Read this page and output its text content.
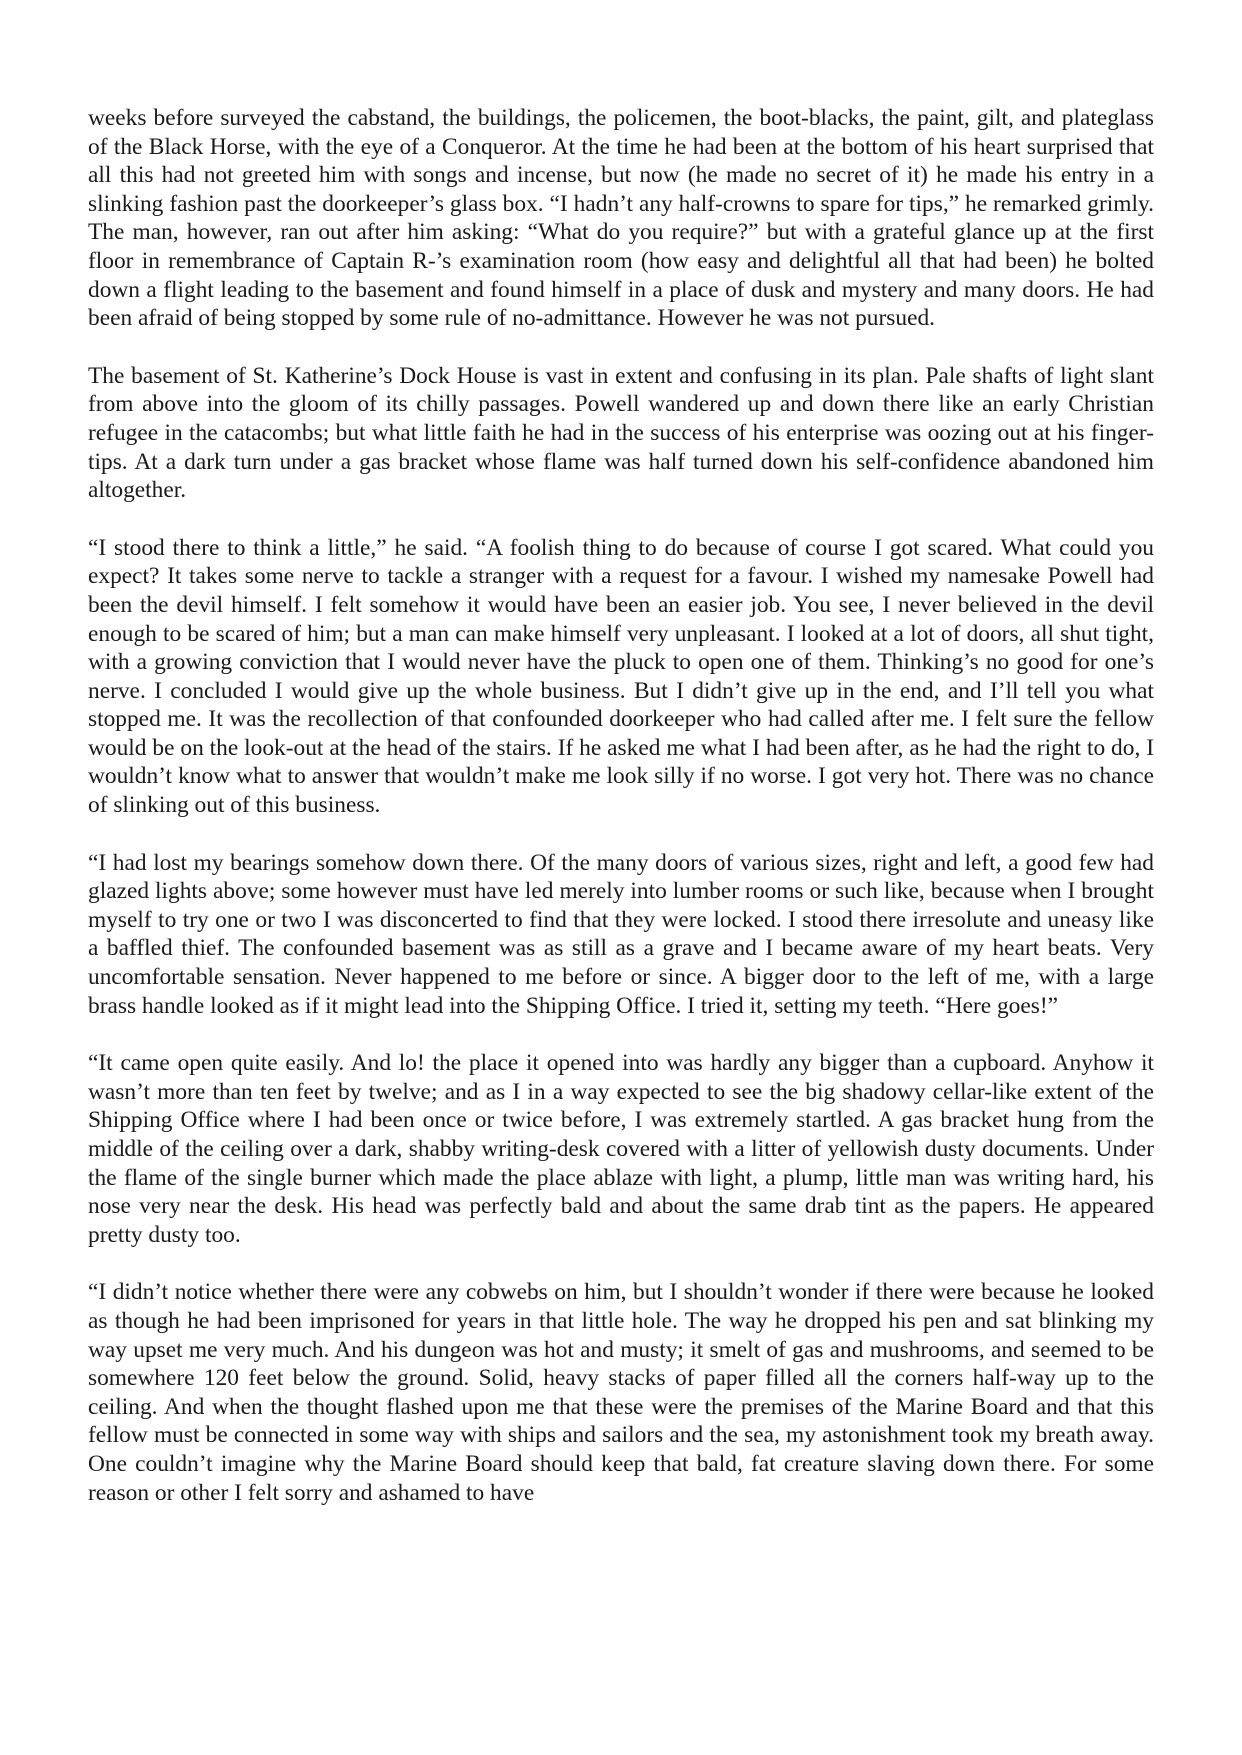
weeks before surveyed the cabstand, the buildings, the policemen, the boot-blacks, the paint, gilt, and plateglass of the Black Horse, with the eye of a Conqueror. At the time he had been at the bottom of his heart surprised that all this had not greeted him with songs and incense, but now (he made no secret of it) he made his entry in a slinking fashion past the doorkeeper’s glass box. “I hadn’t any half-crowns to spare for tips,” he remarked grimly. The man, however, ran out after him asking: “What do you require?” but with a grateful glance up at the first floor in remembrance of Captain R-’s examination room (how easy and delightful all that had been) he bolted down a flight leading to the basement and found himself in a place of dusk and mystery and many doors. He had been afraid of being stopped by some rule of no-admittance. However he was not pursued.

The basement of St. Katherine’s Dock House is vast in extent and confusing in its plan. Pale shafts of light slant from above into the gloom of its chilly passages. Powell wandered up and down there like an early Christian refugee in the catacombs; but what little faith he had in the success of his enterprise was oozing out at his finger-tips. At a dark turn under a gas bracket whose flame was half turned down his self-confidence abandoned him altogether.

“I stood there to think a little,” he said. “A foolish thing to do because of course I got scared. What could you expect? It takes some nerve to tackle a stranger with a request for a favour. I wished my namesake Powell had been the devil himself. I felt somehow it would have been an easier job. You see, I never believed in the devil enough to be scared of him; but a man can make himself very unpleasant. I looked at a lot of doors, all shut tight, with a growing conviction that I would never have the pluck to open one of them. Thinking’s no good for one’s nerve. I concluded I would give up the whole business. But I didn’t give up in the end, and I’ll tell you what stopped me. It was the recollection of that confounded doorkeeper who had called after me. I felt sure the fellow would be on the look-out at the head of the stairs. If he asked me what I had been after, as he had the right to do, I wouldn’t know what to answer that wouldn’t make me look silly if no worse. I got very hot. There was no chance of slinking out of this business.

“I had lost my bearings somehow down there. Of the many doors of various sizes, right and left, a good few had glazed lights above; some however must have led merely into lumber rooms or such like, because when I brought myself to try one or two I was disconcerted to find that they were locked. I stood there irresolute and uneasy like a baffled thief. The confounded basement was as still as a grave and I became aware of my heart beats. Very uncomfortable sensation. Never happened to me before or since. A bigger door to the left of me, with a large brass handle looked as if it might lead into the Shipping Office. I tried it, setting my teeth. “Here goes!”

“It came open quite easily. And lo! the place it opened into was hardly any bigger than a cupboard. Anyhow it wasn’t more than ten feet by twelve; and as I in a way expected to see the big shadowy cellar-like extent of the Shipping Office where I had been once or twice before, I was extremely startled. A gas bracket hung from the middle of the ceiling over a dark, shabby writing-desk covered with a litter of yellowish dusty documents. Under the flame of the single burner which made the place ablaze with light, a plump, little man was writing hard, his nose very near the desk. His head was perfectly bald and about the same drab tint as the papers. He appeared pretty dusty too.

“I didn’t notice whether there were any cobwebs on him, but I shouldn’t wonder if there were because he looked as though he had been imprisoned for years in that little hole. The way he dropped his pen and sat blinking my way upset me very much. And his dungeon was hot and musty; it smelt of gas and mushrooms, and seemed to be somewhere 120 feet below the ground. Solid, heavy stacks of paper filled all the corners half-way up to the ceiling. And when the thought flashed upon me that these were the premises of the Marine Board and that this fellow must be connected in some way with ships and sailors and the sea, my astonishment took my breath away. One couldn’t imagine why the Marine Board should keep that bald, fat creature slaving down there. For some reason or other I felt sorry and ashamed to have
